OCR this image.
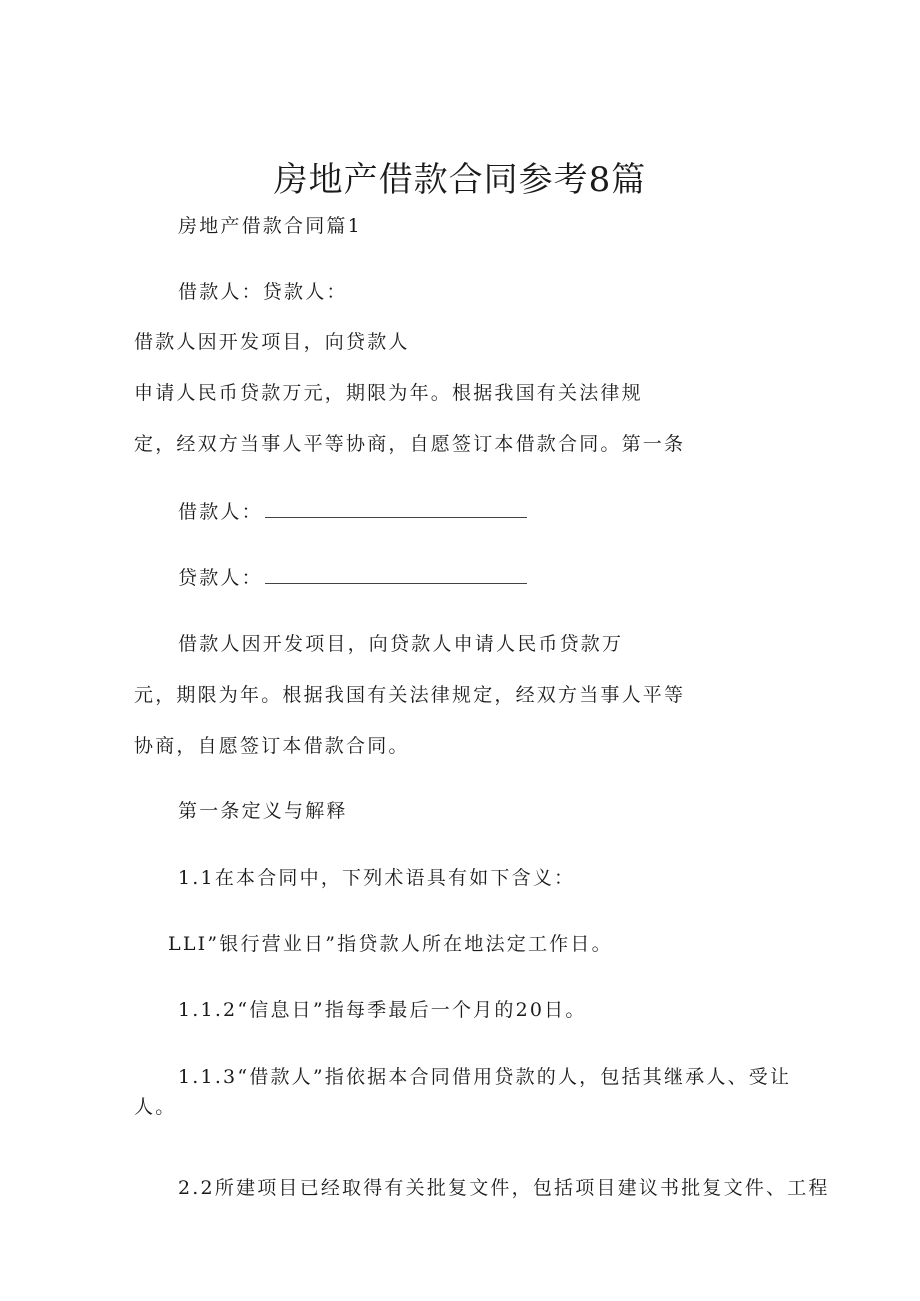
房地产借款合同参考8篇
房地产借款合同篇1
借款人：贷款人：
借款人因开发项目，向贷款人
申请人民币贷款万元，期限为年。根据我国有关法律规
定，经双方当事人平等协商，自愿签订本借款合同。第一条
借款人：
贷款人：
借款人因开发项目，向贷款人申请人民币贷款万
元，期限为年。根据我国有关法律规定，经双方当事人平等
协商，自愿签订本借款合同。
第一条定义与解释
1.1在本合同中，下列术语具有如下含义：
LLI”银行营业日”指贷款人所在地法定工作日。
1.1.2“信息日”指每季最后一个月的20日。
1.1.3“借款人”指依据本合同借用贷款的人，包括其继承人、受让
人。
2.2所建项目已经取得有关批复文件，包括项目建议书批复文件、工程
